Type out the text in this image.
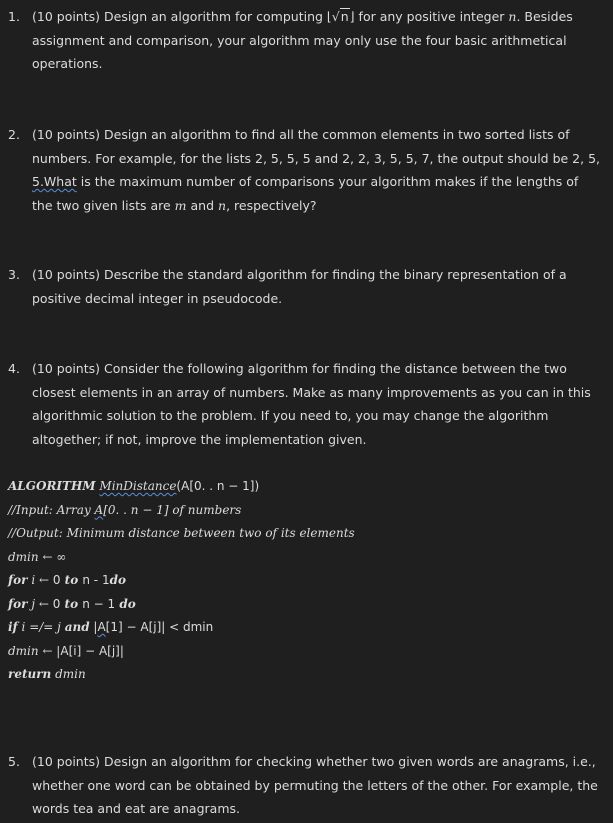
1. (10 points) Design an algorithm for computing ⌊√n⌋ for any positive integer n. Besides assignment and comparison, your algorithm may only use the four basic arithmetical operations.
2. (10 points) Design an algorithm to find all the common elements in two sorted lists of numbers. For example, for the lists 2, 5, 5, 5 and 2, 2, 3, 5, 5, 7, the output should be 2, 5, 5.What is the maximum number of comparisons your algorithm makes if the lengths of the two given lists are m and n, respectively?
3. (10 points) Describe the standard algorithm for finding the binary representation of a positive decimal integer in pseudocode.
4. (10 points) Consider the following algorithm for finding the distance between the two closest elements in an array of numbers. Make as many improvements as you can in this algorithmic solution to the problem. If you need to, you may change the algorithm altogether; if not, improve the implementation given.
ALGORITHM MinDistance(A[0. . n − 1])
//Input: Array A[0. . n − 1] of numbers
//Output: Minimum distance between two of its elements
dmin ← ∞
for i ← 0 to n - 1do
for j ← 0 to n − 1 do
if i =/= j and |A[1] − A[j]| < dmin
dmin ← |A[i] − A[j]|
return dmin
5. (10 points) Design an algorithm for checking whether two given words are anagrams, i.e., whether one word can be obtained by permuting the letters of the other. For example, the words tea and eat are anagrams.
